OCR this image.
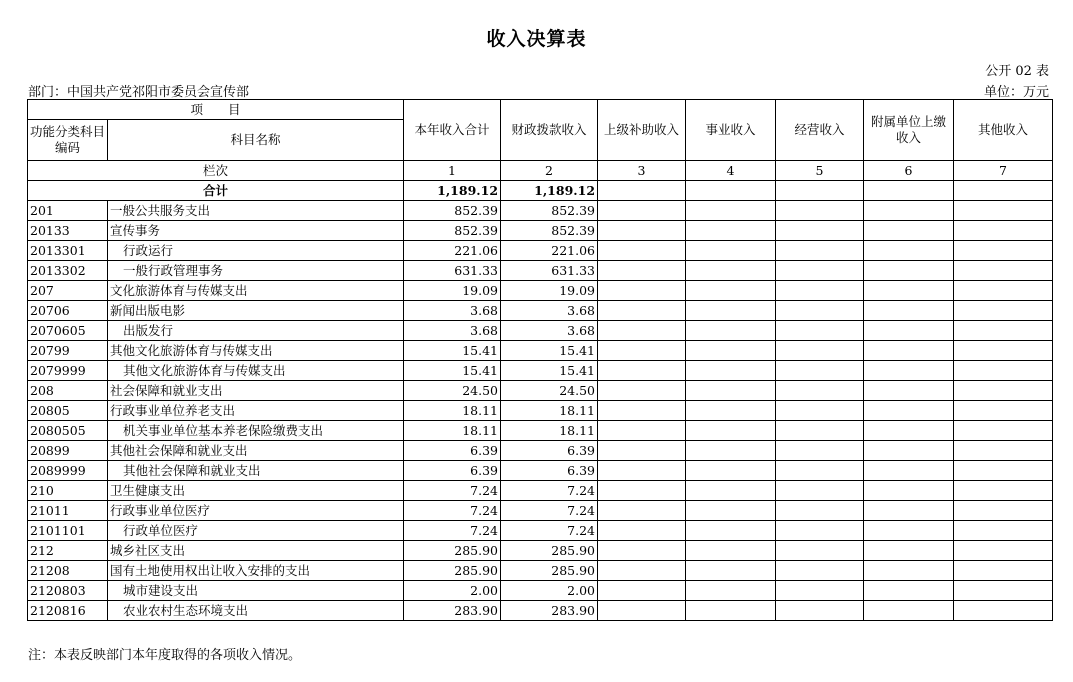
收入决算表
公开 02 表
部门：中国共产党祁阳市委员会宣传部	单位：万元
项　　目		本年收入合计	财政拨款收入	上级补助收入	事业收入	经营收入	附属单位上缴收入	其他收入
功能分类科目编码	科目名称							
栏次		1	2	3	4	5	6	7
合计		1,189.12	1,189.12					
201	一般公共服务支出	852.39	852.39					
20133	宣传事务	852.39	852.39					
2013301	行政运行	221.06	221.06					
2013302	一般行政管理事务	631.33	631.33					
207	文化旅游体育与传媒支出	19.09	19.09					
20706	新闻出版电影	3.68	3.68					
2070605	出版发行	3.68	3.68					
20799	其他文化旅游体育与传媒支出	15.41	15.41					
2079999	其他文化旅游体育与传媒支出	15.41	15.41					
208	社会保障和就业支出	24.50	24.50					
20805	行政事业单位养老支出	18.11	18.11					
2080505	机关事业单位基本养老保险缴费支出	18.11	18.11					
20899	其他社会保障和就业支出	6.39	6.39					
2089999	其他社会保障和就业支出	6.39	6.39					
210	卫生健康支出	7.24	7.24					
21011	行政事业单位医疗	7.24	7.24					
2101101	行政单位医疗	7.24	7.24					
212	城乡社区支出	285.90	285.90					
21208	国有土地使用权出让收入安排的支出	285.90	285.90					
2120803	城市建设支出	2.00	2.00					
2120816	农业农村生态环境支出	283.90	283.90					
注：本表反映部门本年度取得的各项收入情况。
